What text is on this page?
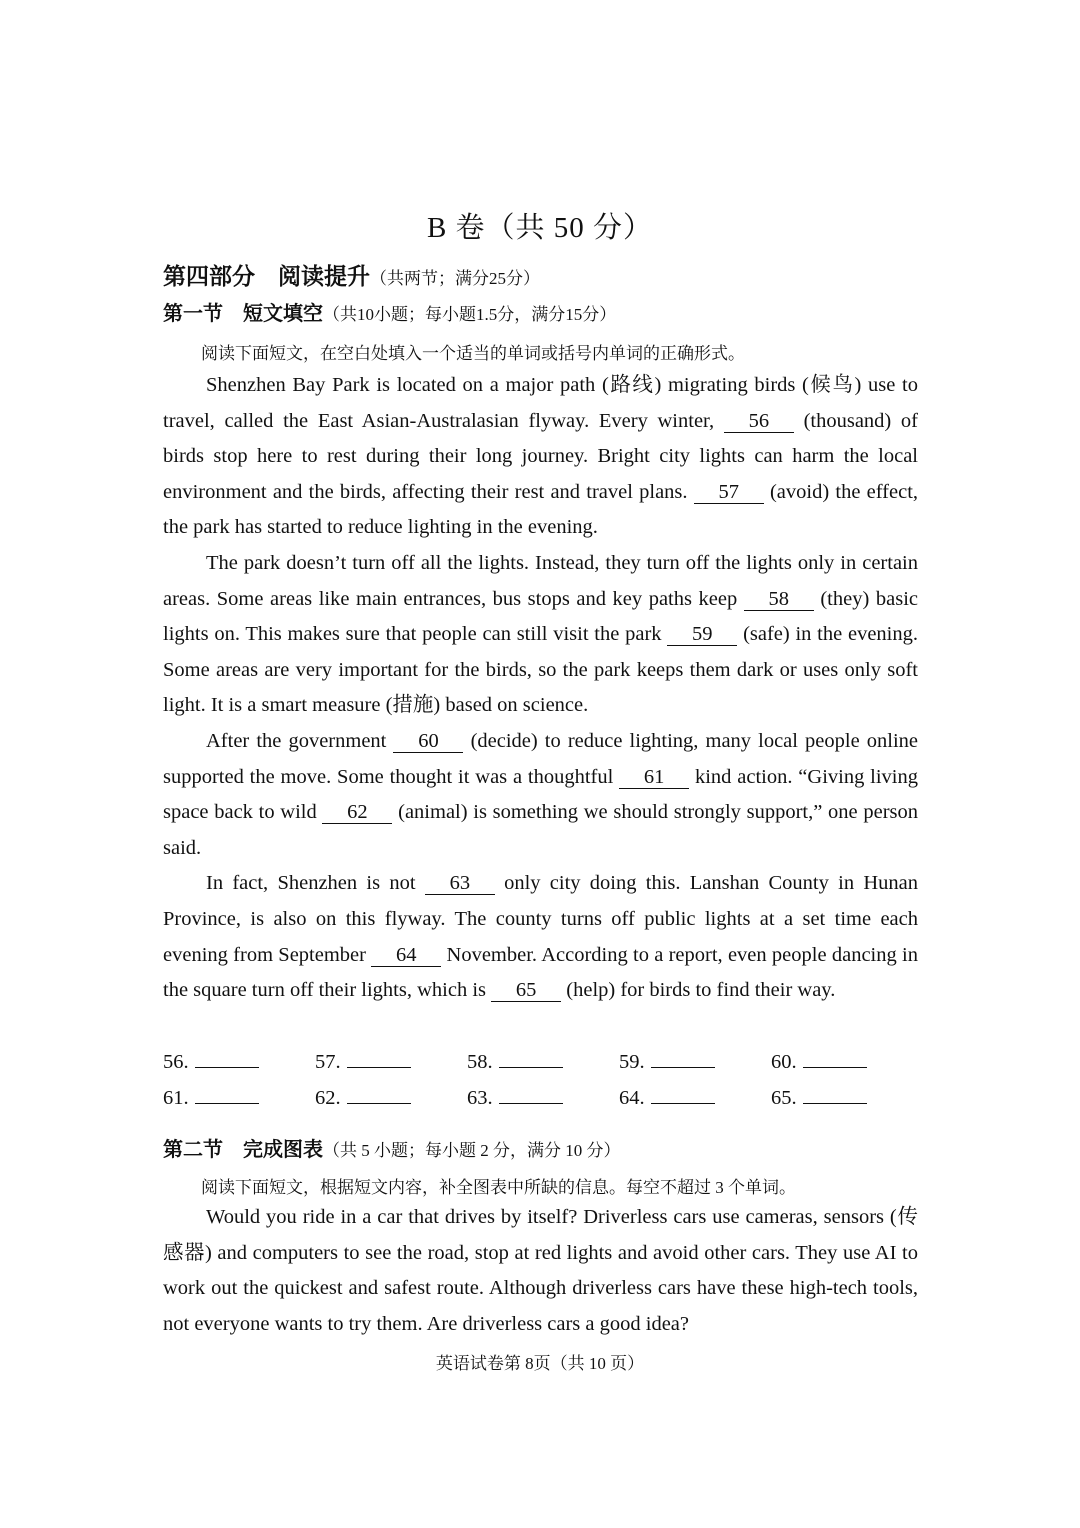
B 卷（共 50 分）
第四部分　阅读提升（共两节；满分25分）
第一节　短文填空（共10小题；每小题1.5分，满分15分）
阅读下面短文，在空白处填入一个适当的单词或括号内单词的正确形式。

Shenzhen Bay Park is located on a major path (路线) migrating birds (候鸟) use to travel, called the East Asian-Australasian flyway. Every winter, 56 (thousand) of birds stop here to rest during their long journey. Bright city lights can harm the local environment and the birds, affecting their rest and travel plans. 57 (avoid) the effect, the park has started to reduce lighting in the evening.

The park doesn’t turn off all the lights. Instead, they turn off the lights only in certain areas. Some areas like main entrances, bus stops and key paths keep 58 (they) basic lights on. This makes sure that people can still visit the park 59 (safe) in the evening. Some areas are very important for the birds, so the park keeps them dark or uses only soft light. It is a smart measure (措施) based on science.

After the government 60 (decide) to reduce lighting, many local people online supported the move. Some thought it was a thoughtful 61 kind action. “Giving living space back to wild 62 (animal) is something we should strongly support,” one person said.

In fact, Shenzhen is not 63 only city doing this. Lanshan County in Hunan Province, is also on this flyway. The county turns off public lights at a set time each evening from September 64 November. According to a report, even people dancing in the square turn off their lights, which is 65 (help) for birds to find their way.

56.	57.	58.	59.	60.
61.	62.	63.	64.	65.
第二节　完成图表（共 5 小题；每小题 2 分，满分 10 分）
阅读下面短文，根据短文内容，补全图表中所缺的信息。每空不超过 3 个单词。

Would you ride in a car that drives by itself? Driverless cars use cameras, sensors (传感器) and computers to see the road, stop at red lights and avoid other cars. They use AI to work out the quickest and safest route. Although driverless cars have these high-tech tools, not everyone wants to try them. Are driverless cars a good idea?

英语试卷第 8页（共 10 页）
